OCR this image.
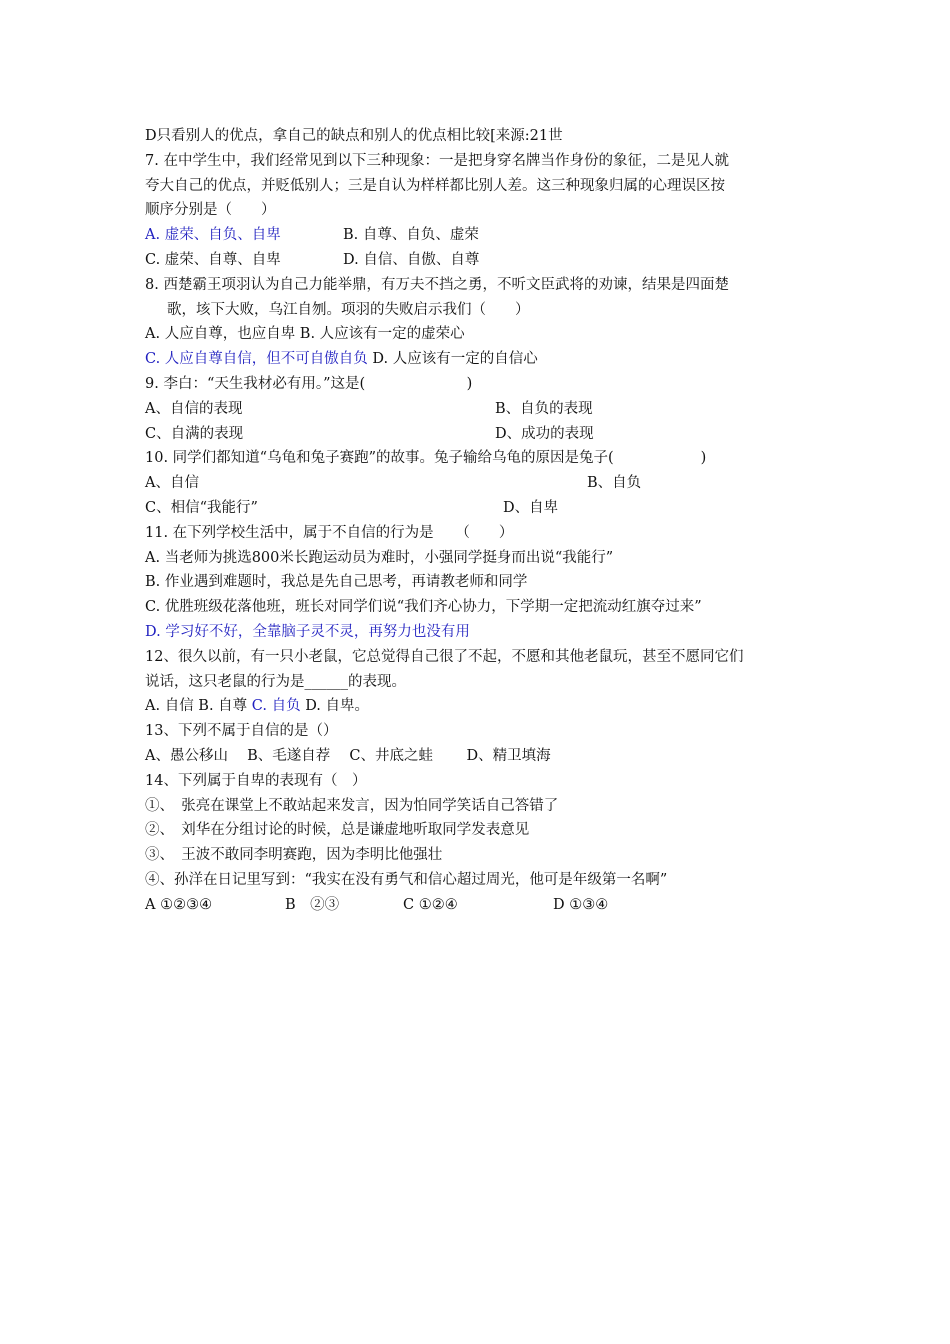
D只看别人的优点，拿自己的缺点和别人的优点相比较[来源:21世
7. 在中学生中，我们经常见到以下三种现象：一是把身穿名牌当作身份的象征，二是见人就
夸大自己的优点，并贬低别人；三是自认为样样都比别人差。这三种现象归属的心理误区按
顺序分别是（　　）
A. 虚荣、自负、自卑	B. 自尊、自负、虚荣
C. 虚荣、自尊、自卑	D. 自信、自傲、自尊
8. 西楚霸王项羽认为自己力能举鼎，有万夫不挡之勇，不听文臣武将的劝谏，结果是四面楚
歌，垓下大败，乌江自刎。项羽的失败启示我们（　　）
A. 人应自尊，也应自卑 B. 人应该有一定的虚荣心
C. 人应自尊自信，但不可自傲自负 D. 人应该有一定的自信心
9. 李白：“天生我材必有用。”这是(　　　　　　　)
A、自信的表现	B、自负的表现
C、自满的表现	D、成功的表现
10. 同学们都知道“乌龟和兔子赛跑”的故事。兔子输给乌龟的原因是兔子(　　　　　　)
A、自信	B、自负
C、相信“我能行”	D、自卑
11. 在下列学校生活中，属于不自信的行为是　　（　　）
A. 当老师为挑选800米长跑运动员为难时，小强同学挺身而出说“我能行”
B. 作业遇到难题时，我总是先自己思考，再请教老师和同学
C. 优胜班级花落他班，班长对同学们说“我们齐心协力，下学期一定把流动红旗夺过来”
D. 学习好不好，全靠脑子灵不灵，再努力也没有用
12、很久以前，有一只小老鼠，它总觉得自己很了不起，不愿和其他老鼠玩，甚至不愿同它们
说话，这只老鼠的行为是______的表现。
A. 自信 B. 自尊 C. 自负 D. 自卑。
13、下列不属于自信的是（）
A、愚公移山　 B、毛遂自荐　 C、井底之蛙　　 D、精卫填海
14、下列属于自卑的表现有（　）
①、　张亮在课堂上不敢站起来发言，因为怕同学笑话自己答错了
②、　刘华在分组讨论的时候，总是谦虚地听取同学发表意见
③、　王波不敢同李明赛跑，因为李明比他强壮
④、孙洋在日记里写到：“我实在没有勇气和信心超过周光，他可是年级第一名啊”
A ①②③④	B　②③	C ①②④	D ①③④
